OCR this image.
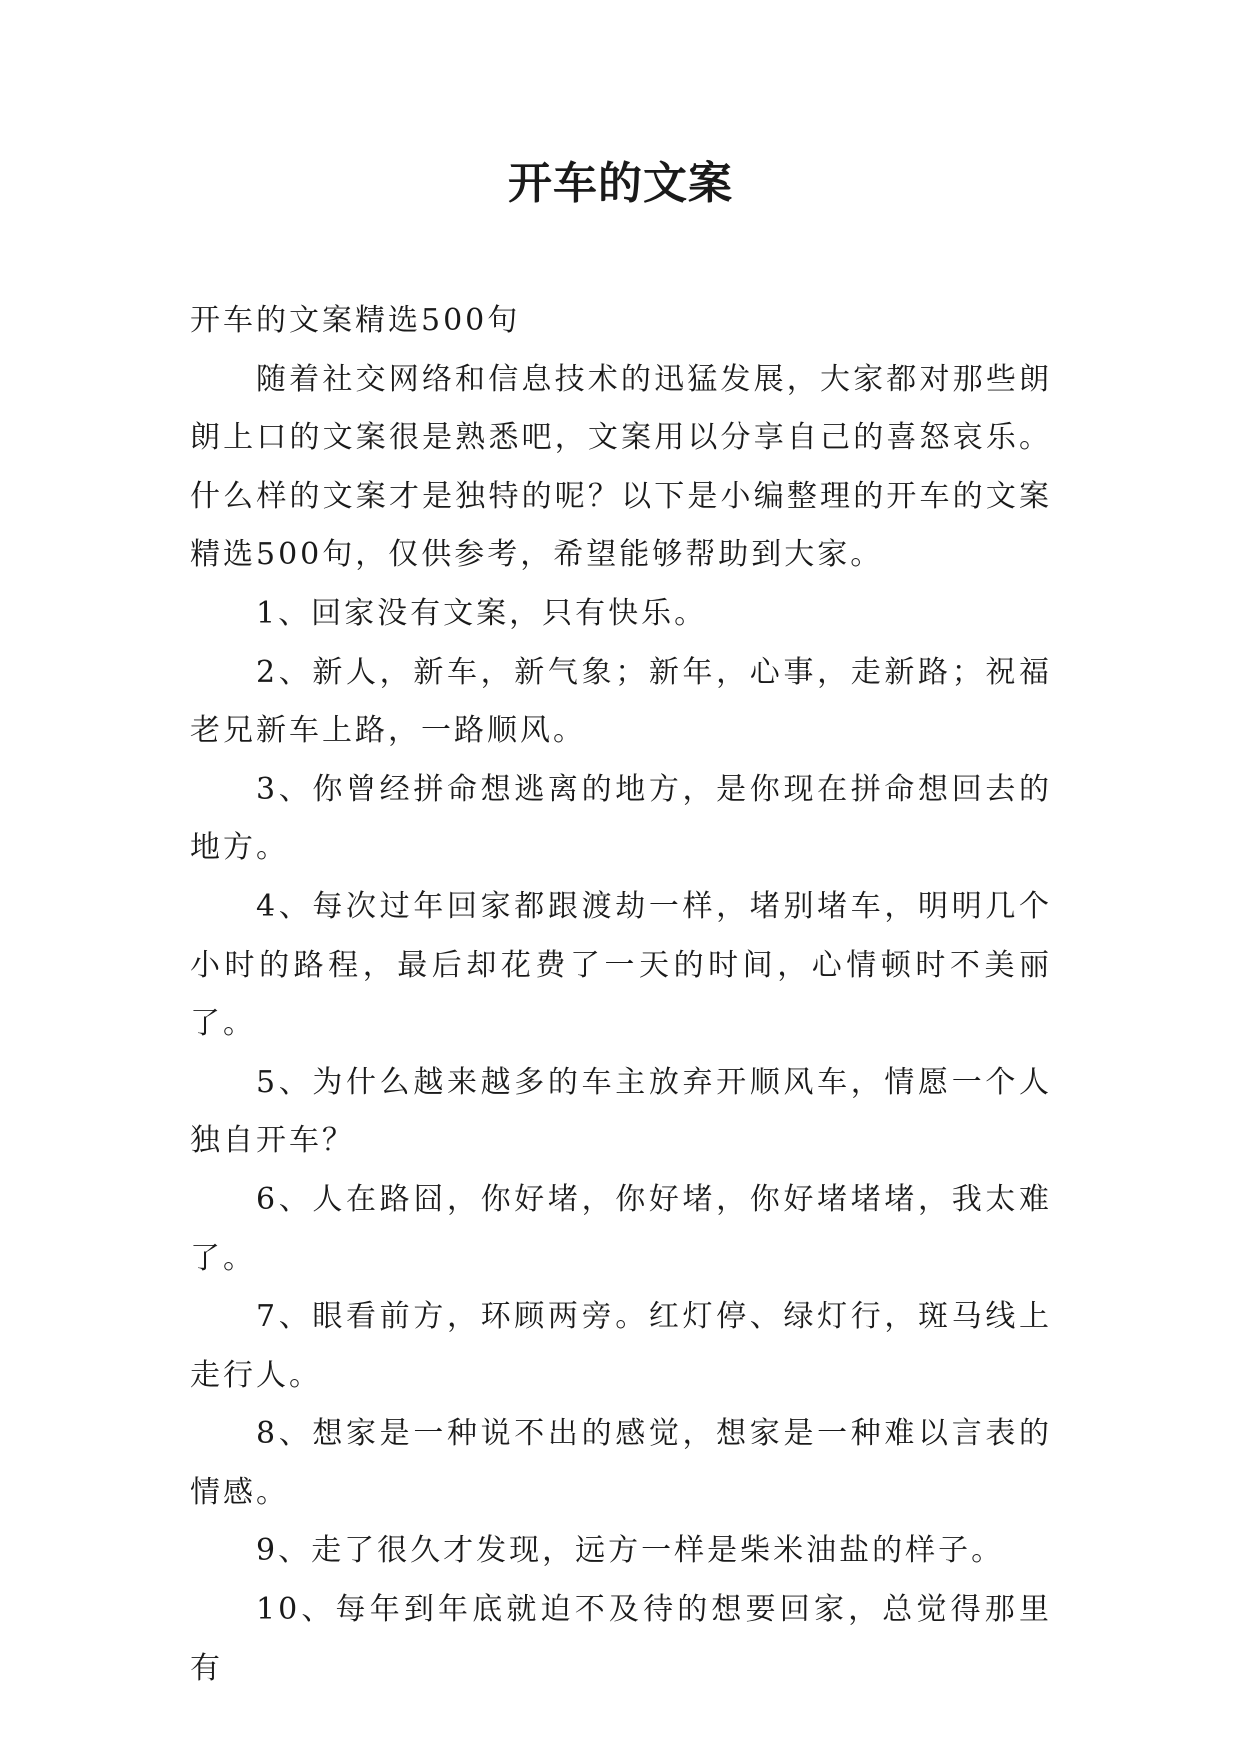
开车的文案

开车的文案精选500句

随着社交网络和信息技术的迅猛发展，大家都对那些朗朗上口的文案很是熟悉吧，文案用以分享自己的喜怒哀乐。什么样的文案才是独特的呢？以下是小编整理的开车的文案精选500句，仅供参考，希望能够帮助到大家。

1、回家没有文案，只有快乐。

2、新人，新车，新气象；新年，心事，走新路；祝福老兄新车上路，一路顺风。

3、你曾经拼命想逃离的地方，是你现在拼命想回去的地方。

4、每次过年回家都跟渡劫一样，堵别堵车，明明几个小时的路程，最后却花费了一天的时间，心情顿时不美丽了。

5、为什么越来越多的车主放弃开顺风车，情愿一个人独自开车？

6、人在路囧，你好堵，你好堵，你好堵堵堵，我太难了。

7、眼看前方，环顾两旁。红灯停、绿灯行，斑马线上走行人。

8、想家是一种说不出的感觉，想家是一种难以言表的情感。

9、走了很久才发现，远方一样是柴米油盐的样子。

10、每年到年底就迫不及待的想要回家，总觉得那里有
